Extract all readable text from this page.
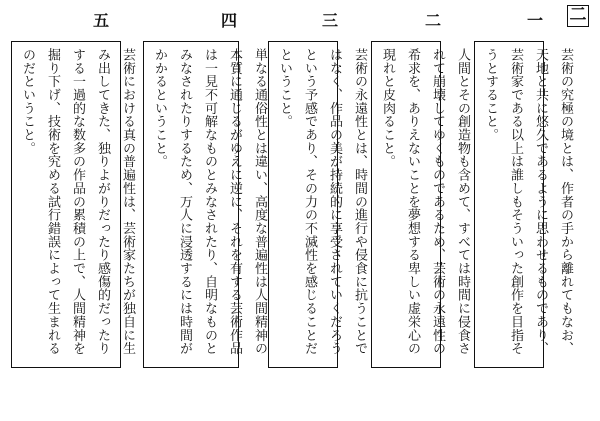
二
一

芸術の究極の境とは、作者の手から離れてもなお、天地と共に悠久であるように思わせるものであり、芸術家である以上は誰しもそういった創作を目指そうとすること。

二

人間とその創造物も含めて、すべては時間に侵食されて崩壊してゆくものであるため、芸術の永遠性の希求を、ありえないことを夢想する卑しい虚栄心の現れと皮肉ること。

三

芸術の永遠性とは、時間の進行や侵食に抗うことではなく、作品の美が持続的に享受されていくだろうという予感であり、その力の不滅性を感じることだということ。

四

単なる通俗性とは違い、高度な普遍性は人間精神の本質に通じるがゆえに逆に、それを有する芸術作品は一見不可解なものとみなされたり、自明なものとみなされたりするため、万人に浸透するには時間がかかるということ。

五

芸術における真の普遍性は、芸術家たちが独自に生み出してきた、独りよがりだったり感傷的だったりする一過的な数多の作品の累積の上で、人間精神を掘り下げ、技術を究める試行錯誤によって生まれるのだということ。
